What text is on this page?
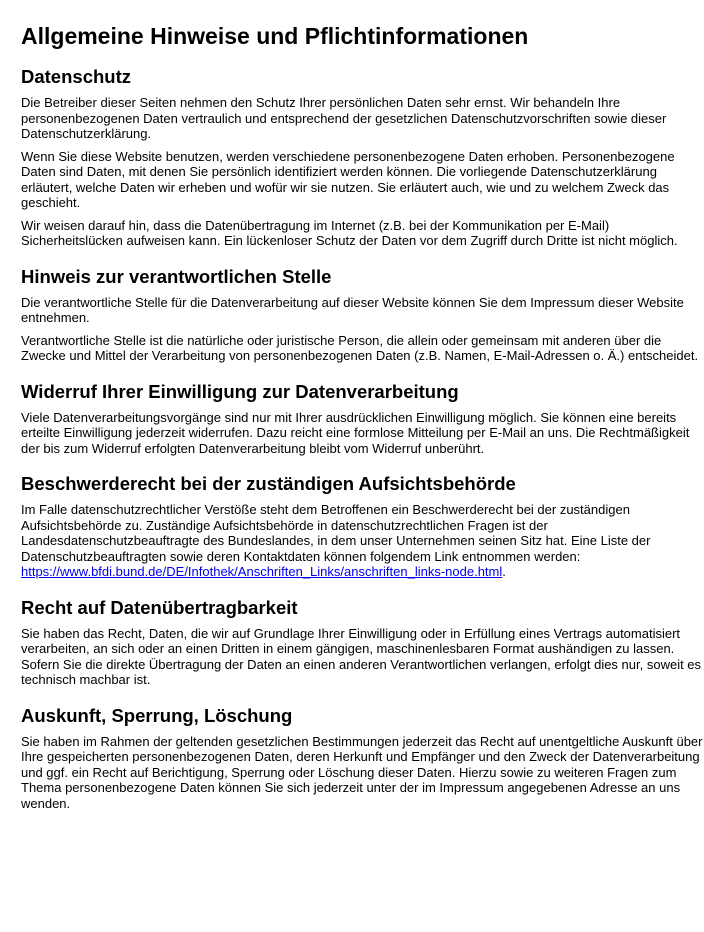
Allgemeine Hinweise und Pflichtinformationen
Datenschutz

Die Betreiber dieser Seiten nehmen den Schutz Ihrer persönlichen Daten sehr ernst. Wir behandeln Ihre personenbezogenen Daten vertraulich und entsprechend der gesetzlichen Datenschutzvorschriften sowie dieser Datenschutzerklärung.

Wenn Sie diese Website benutzen, werden verschiedene personenbezogene Daten erhoben. Personenbezogene Daten sind Daten, mit denen Sie persönlich identifiziert werden können. Die vorliegende Datenschutzerklärung erläutert, welche Daten wir erheben und wofür wir sie nutzen. Sie erläutert auch, wie und zu welchem Zweck das geschieht.

Wir weisen darauf hin, dass die Datenübertragung im Internet (z.B. bei der Kommunikation per E-Mail) Sicherheitslücken aufweisen kann. Ein lückenloser Schutz der Daten vor dem Zugriff durch Dritte ist nicht möglich.

Hinweis zur verantwortlichen Stelle

Die verantwortliche Stelle für die Datenverarbeitung auf dieser Website können Sie dem Impressum dieser Website entnehmen.

Verantwortliche Stelle ist die natürliche oder juristische Person, die allein oder gemeinsam mit anderen über die Zwecke und Mittel der Verarbeitung von personenbezogenen Daten (z.B. Namen, E-Mail-Adressen o. Ä.) entscheidet.

Widerruf Ihrer Einwilligung zur Datenverarbeitung

Viele Datenverarbeitungsvorgänge sind nur mit Ihrer ausdrücklichen Einwilligung möglich. Sie können eine bereits erteilte Einwilligung jederzeit widerrufen. Dazu reicht eine formlose Mitteilung per E-Mail an uns. Die Rechtmäßigkeit der bis zum Widerruf erfolgten Datenverarbeitung bleibt vom Widerruf unberührt.

Beschwerderecht bei der zuständigen Aufsichtsbehörde

Im Falle datenschutzrechtlicher Verstöße steht dem Betroffenen ein Beschwerderecht bei der zuständigen Aufsichtsbehörde zu. Zuständige Aufsichtsbehörde in datenschutzrechtlichen Fragen ist der Landesdatenschutzbeauftragte des Bundeslandes, in dem unser Unternehmen seinen Sitz hat. Eine Liste der Datenschutzbeauftragten sowie deren Kontaktdaten können folgendem Link entnommen werden: https://www.bfdi.bund.de/DE/Infothek/Anschriften_Links/anschriften_links-node.html.

Recht auf Datenübertragbarkeit

Sie haben das Recht, Daten, die wir auf Grundlage Ihrer Einwilligung oder in Erfüllung eines Vertrags automatisiert verarbeiten, an sich oder an einen Dritten in einem gängigen, maschinenlesbaren Format aushändigen zu lassen. Sofern Sie die direkte Übertragung der Daten an einen anderen Verantwortlichen verlangen, erfolgt dies nur, soweit es technisch machbar ist.

Auskunft, Sperrung, Löschung

Sie haben im Rahmen der geltenden gesetzlichen Bestimmungen jederzeit das Recht auf unentgeltliche Auskunft über Ihre gespeicherten personenbezogenen Daten, deren Herkunft und Empfänger und den Zweck der Datenverarbeitung und ggf. ein Recht auf Berichtigung, Sperrung oder Löschung dieser Daten. Hierzu sowie zu weiteren Fragen zum Thema personenbezogene Daten können Sie sich jederzeit unter der im Impressum angegebenen Adresse an uns wenden.
